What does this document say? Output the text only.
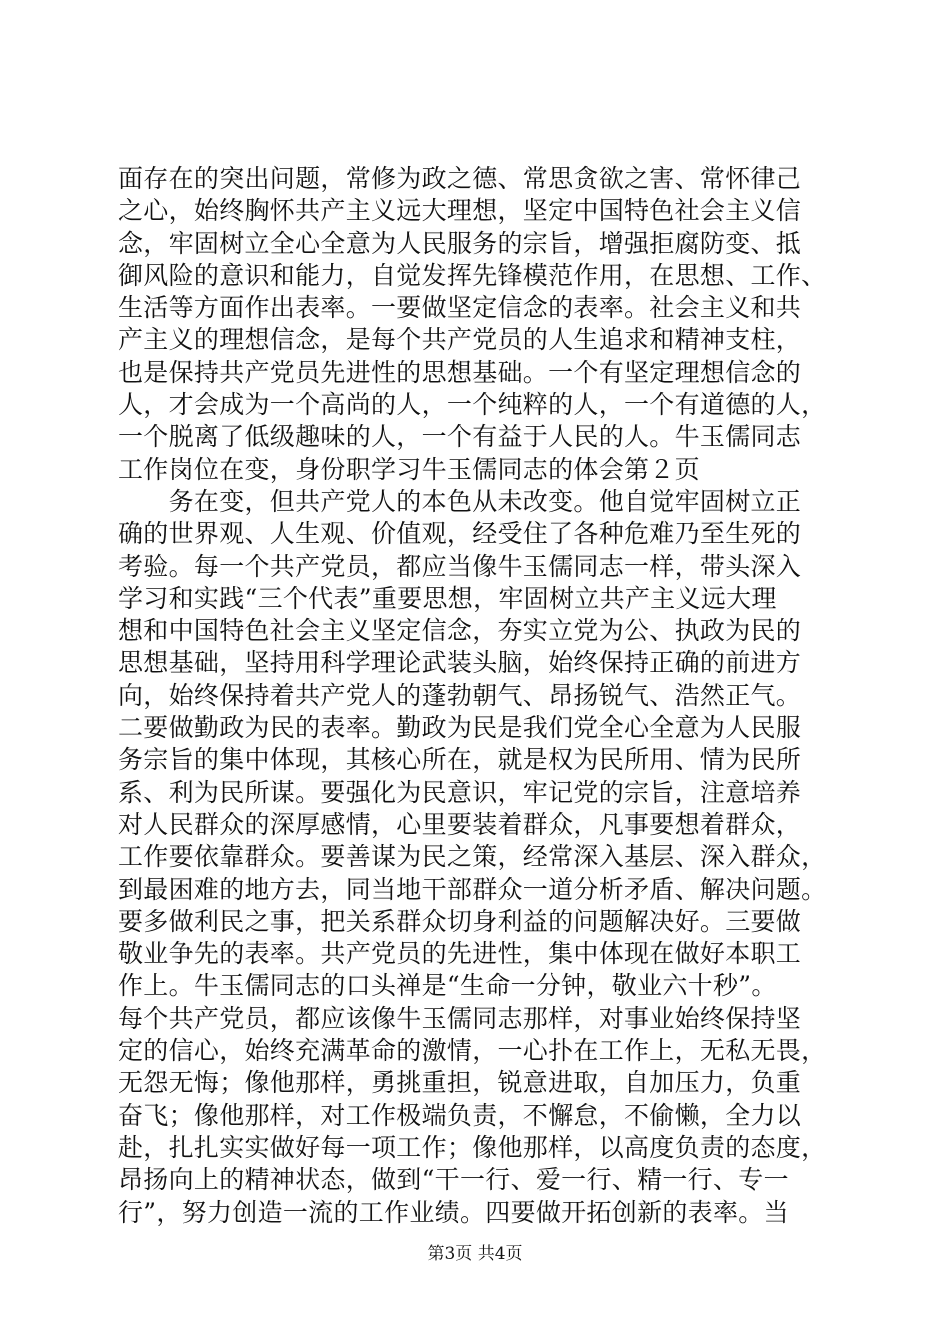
面存在的突出问题，常修为政之德、常思贪欲之害、常怀律己
之心，始终胸怀共产主义远大理想，坚定中国特色社会主义信
念，牢固树立全心全意为人民服务的宗旨，增强拒腐防变、抵
御风险的意识和能力，自觉发挥先锋模范作用，在思想、工作、
生活等方面作出表率。一要做坚定信念的表率。社会主义和共
产主义的理想信念，是每个共产党员的人生追求和精神支柱，
也是保持共产党员先进性的思想基础。一个有坚定理想信念的
人，才会成为一个高尚的人，一个纯粹的人，一个有道德的人，
一个脱离了低级趣味的人，一个有益于人民的人。牛玉儒同志
工作岗位在变，身份职学习牛玉儒同志的体会第２页
　　务在变，但共产党人的本色从未改变。他自觉牢固树立正
确的世界观、人生观、价值观，经受住了各种危难乃至生死的
考验。每一个共产党员，都应当像牛玉儒同志一样，带头深入
学习和实践“三个代表”重要思想，牢固树立共产主义远大理
想和中国特色社会主义坚定信念，夯实立党为公、执政为民的
思想基础，坚持用科学理论武装头脑，始终保持正确的前进方
向，始终保持着共产党人的蓬勃朝气、昂扬锐气、浩然正气。
二要做勤政为民的表率。勤政为民是我们党全心全意为人民服
务宗旨的集中体现，其核心所在，就是权为民所用、情为民所
系、利为民所谋。要强化为民意识，牢记党的宗旨，注意培养
对人民群众的深厚感情，心里要装着群众，凡事要想着群众，
工作要依靠群众。要善谋为民之策，经常深入基层、深入群众，
到最困难的地方去，同当地干部群众一道分析矛盾、解决问题。
要多做利民之事，把关系群众切身利益的问题解决好。三要做
敬业争先的表率。共产党员的先进性，集中体现在做好本职工
作上。牛玉儒同志的口头禅是“生命一分钟，敬业六十秒”。
每个共产党员，都应该像牛玉儒同志那样，对事业始终保持坚
定的信心，始终充满革命的激情，一心扑在工作上，无私无畏，
无怨无悔；像他那样，勇挑重担，锐意进取，自加压力，负重
奋飞；像他那样，对工作极端负责，不懈怠，不偷懒，全力以
赴，扎扎实实做好每一项工作；像他那样，以高度负责的态度，
昂扬向上的精神状态，做到“干一行、爱一行、精一行、专一
行”，努力创造一流的工作业绩。四要做开拓创新的表率。当
第3页 共4页
